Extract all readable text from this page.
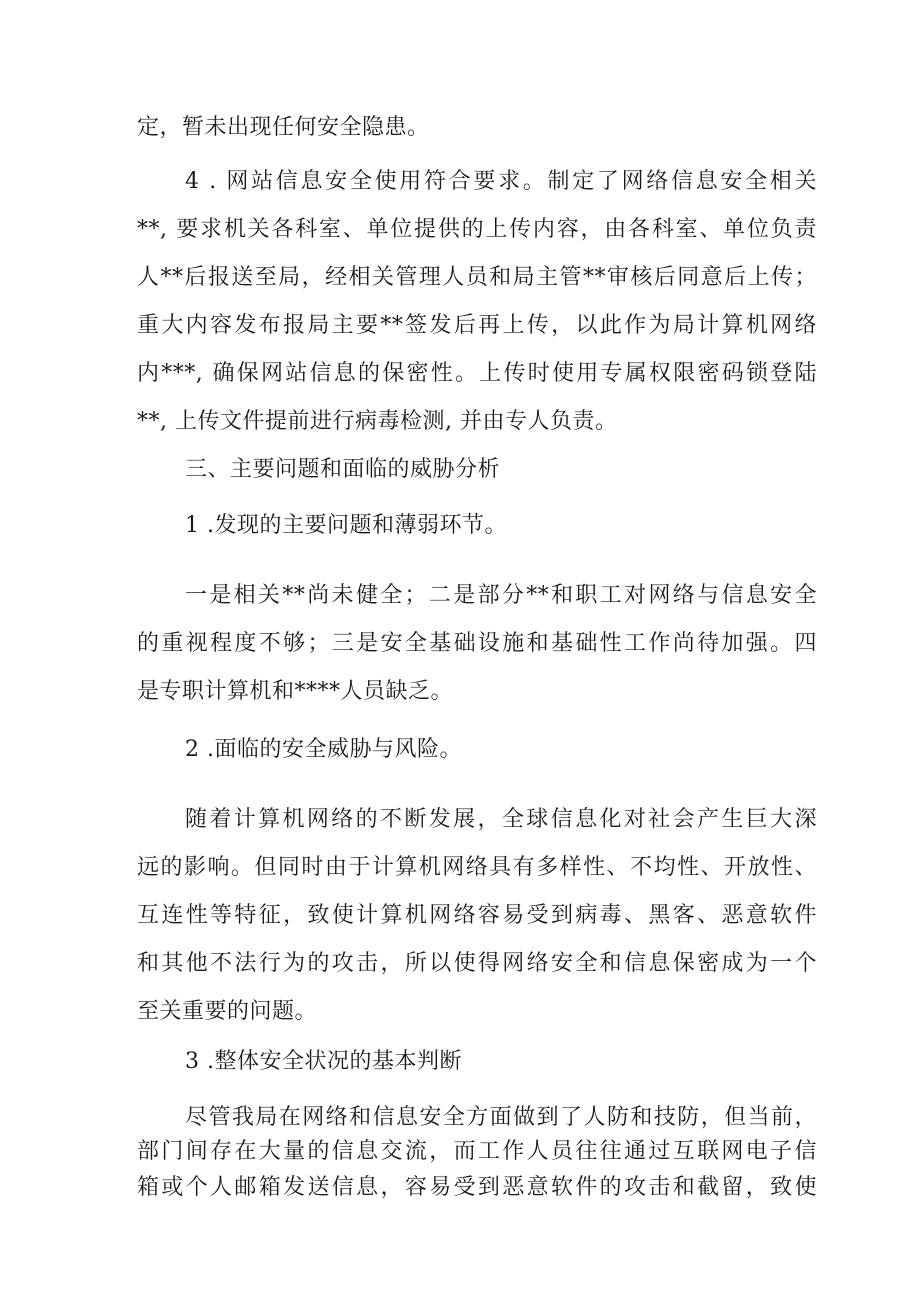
定，暂未出现任何安全隐患。
4 . 网站信息安全使用符合要求。制定了网络信息安全相关
**, 要求机关各科室、单位提供的上传内容，由各科室、单位负责
人**后报送至局，经相关管理人员和局主管**审核后同意后上传；
重大内容发布报局主要**签发后再上传，以此作为局计算机网络
内***, 确保网站信息的保密性。上传时使用专属权限密码锁登陆
**, 上传文件提前进行病毒检测, 并由专人负责。
三、主要问题和面临的威胁分析
1 .发现的主要问题和薄弱环节。
一是相关**尚未健全；二是部分**和职工对网络与信息安全
的重视程度不够；三是安全基础设施和基础性工作尚待加强。四
是专职计算机和****人员缺乏。
2 .面临的安全威胁与风险。
随着计算机网络的不断发展，全球信息化对社会产生巨大深
远的影响。但同时由于计算机网络具有多样性、不均性、开放性、
互连性等特征，致使计算机网络容易受到病毒、黑客、恶意软件
和其他不法行为的攻击，所以使得网络安全和信息保密成为一个
至关重要的问题。
3 .整体安全状况的基本判断
尽管我局在网络和信息安全方面做到了人防和技防，但当前，
部门间存在大量的信息交流，而工作人员往往通过互联网电子信
箱或个人邮箱发送信息，容易受到恶意软件的攻击和截留，致使
